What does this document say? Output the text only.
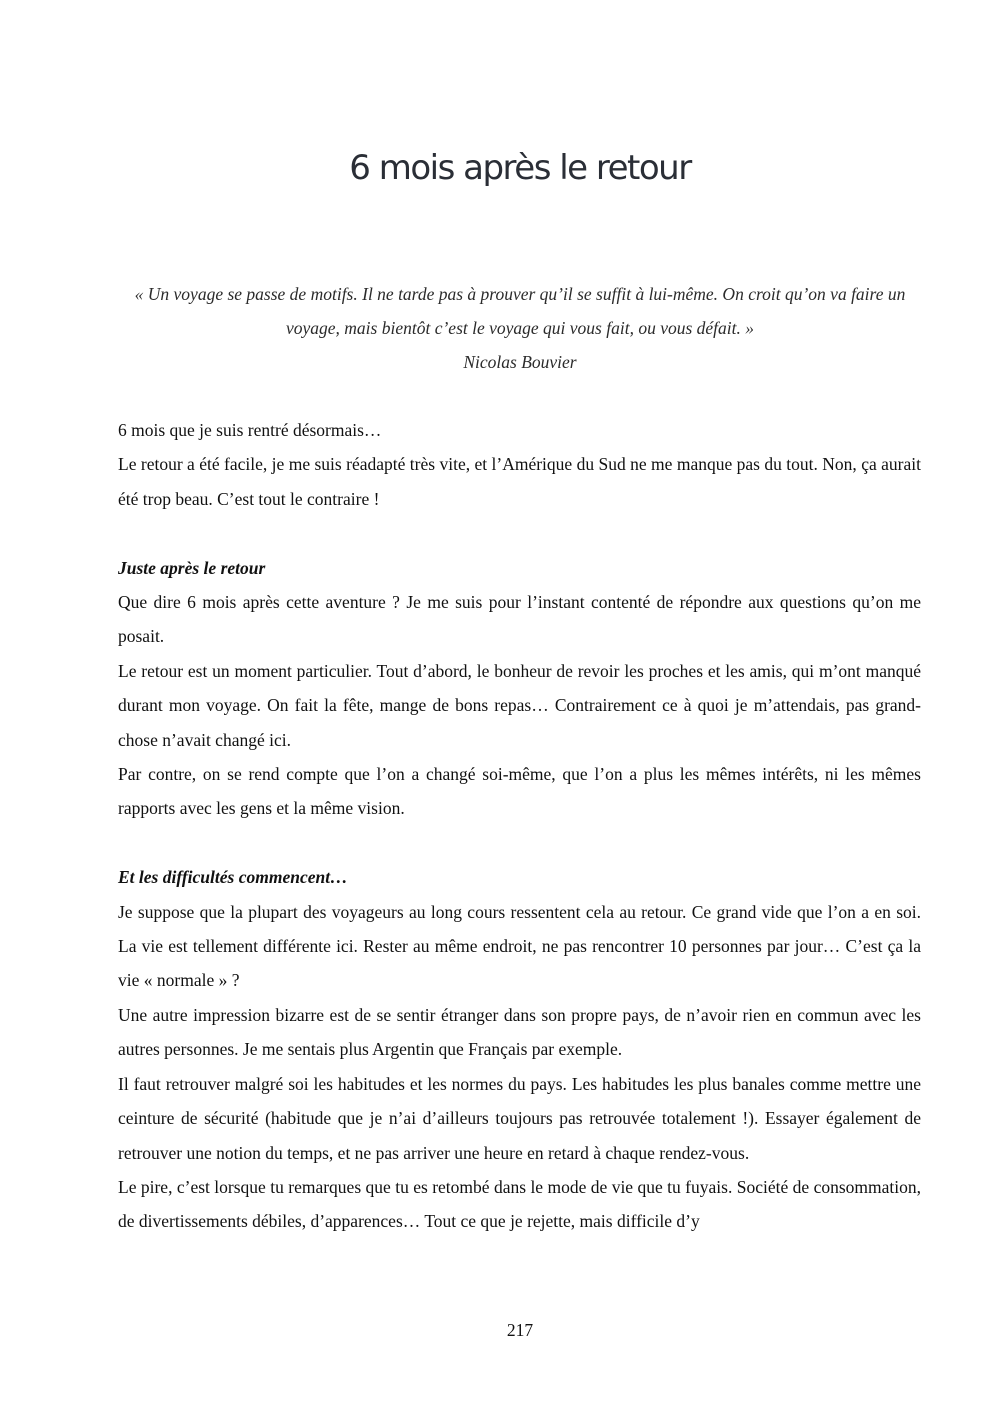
6 mois après le retour
« Un voyage se passe de motifs. Il ne tarde pas à prouver qu’il se suffit à lui-même. On croit qu’on va faire un voyage, mais bientôt c’est le voyage qui vous fait, ou vous défait. »
Nicolas Bouvier

6 mois que je suis rentré désormais…

Le retour a été facile, je me suis réadapté très vite, et l’Amérique du Sud ne me manque pas du tout. Non, ça aurait été trop beau. C’est tout le contraire !

Juste après le retour

Que dire 6 mois après cette aventure ? Je me suis pour l’instant contenté de répondre aux questions qu’on me posait.

Le retour est un moment particulier. Tout d’abord, le bonheur de revoir les proches et les amis, qui m’ont manqué durant mon voyage. On fait la fête, mange de bons repas… Contrairement ce à quoi je m’attendais, pas grand-chose n’avait changé ici.

Par contre, on se rend compte que l’on a changé soi-même, que l’on a plus les mêmes intérêts, ni les mêmes rapports avec les gens et la même vision.

Et les difficultés commencent…

Je suppose que la plupart des voyageurs au long cours ressentent cela au retour. Ce grand vide que l’on a en soi. La vie est tellement différente ici. Rester au même endroit, ne pas rencontrer 10 personnes par jour… C’est ça la vie « normale » ?

Une autre impression bizarre est de se sentir étranger dans son propre pays, de n’avoir rien en commun avec les autres personnes. Je me sentais plus Argentin que Français par exemple.

Il faut retrouver malgré soi les habitudes et les normes du pays. Les habitudes les plus banales comme mettre une ceinture de sécurité (habitude que je n’ai d’ailleurs toujours pas retrouvée totalement !). Essayer également de retrouver une notion du temps, et ne pas arriver une heure en retard à chaque rendez-vous.

Le pire, c’est lorsque tu remarques que tu es retombé dans le mode de vie que tu fuyais. Société de consommation, de divertissements débiles, d’apparences… Tout ce que je rejette, mais difficile d’y

217
